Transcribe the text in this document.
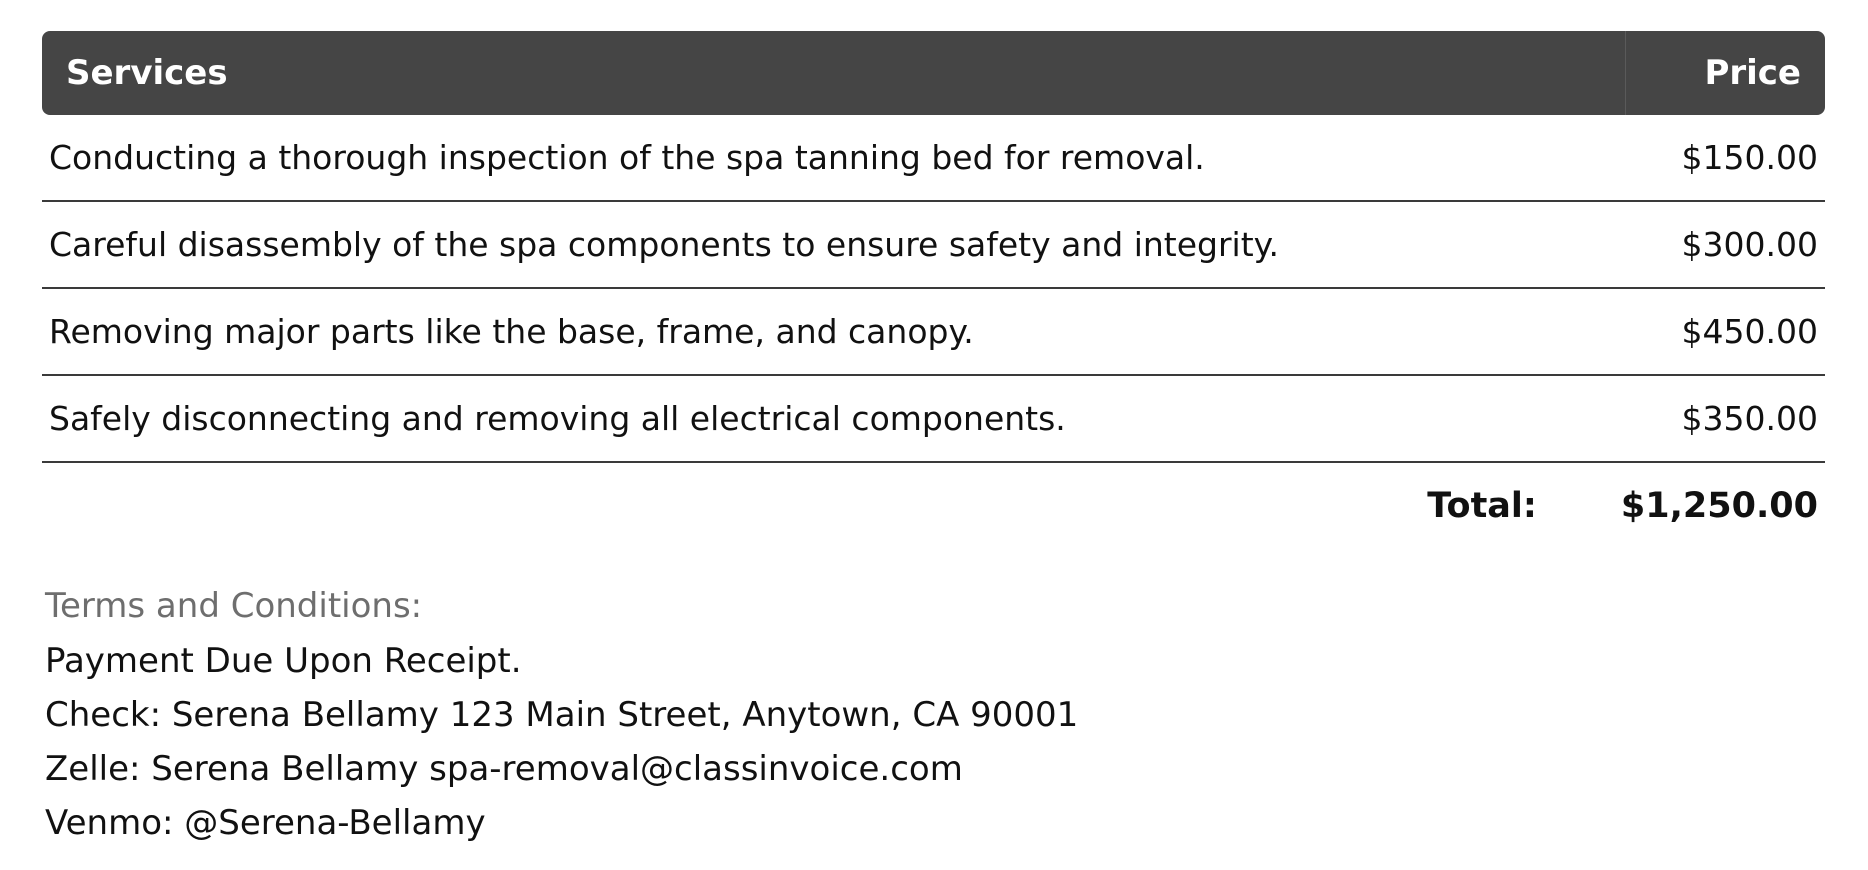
Services	Price
Conducting a thorough inspection of the spa tanning bed for removal.	$150.00
Careful disassembly of the spa components to ensure safety and integrity.	$300.00
Removing major parts like the base, frame, and canopy.	$450.00
Safely disconnecting and removing all electrical components.	$350.00
Total: $1,250.00
Terms and Conditions:
Payment Due Upon Receipt.
Check: Serena Bellamy 123 Main Street, Anytown, CA 90001
Zelle: Serena Bellamy spa-removal@classinvoice.com
Venmo: @Serena-Bellamy
